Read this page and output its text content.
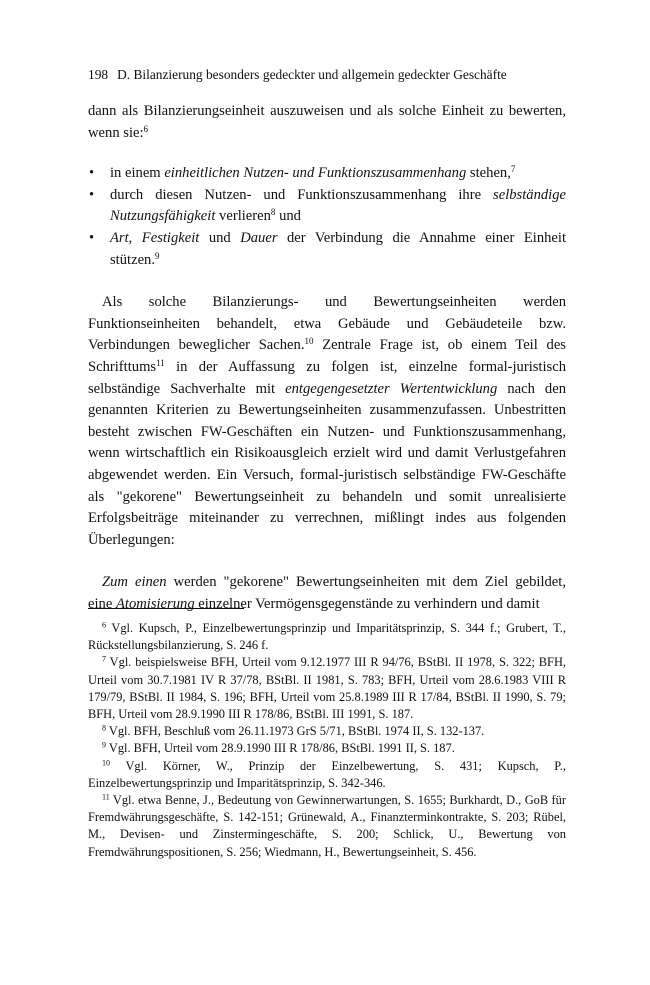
198 D. Bilanzierung besonders gedeckter und allgemein gedeckter Geschäfte

dann als Bilanzierungseinheit auszuweisen und als solche Einheit zu bewerten, wenn sie:$^6$

• in einem einheitlichen Nutzen- und Funktionszusammenhang stehen,$^7$
• durch diesen Nutzen- und Funktionszusammenhang ihre selbständige Nutzungsfähigkeit verlieren$^8$ und
• Art, Festigkeit und Dauer der Verbindung die Annahme einer Einheit stützen.$^9$

Als solche Bilanzierungs- und Bewertungseinheiten werden Funktionseinheiten behandelt, etwa Gebäude und Gebäudeteile bzw. Verbindungen beweglicher Sachen.$^{10}$ Zentrale Frage ist, ob einem Teil des Schrifttums$^{11}$ in der Auffassung zu folgen ist, einzelne formal-juristisch selbständige Sachverhalte mit entgegengesetzter Wertentwicklung nach den genannten Kriterien zu Bewertungseinheiten zusammenzufassen. Unbestritten besteht zwischen FW-Geschäften ein Nutzen- und Funktionszusammenhang, wenn wirtschaftlich ein Risikoausgleich erzielt wird und damit Verlustgefahren abgewendet werden. Ein Versuch, formal-juristisch selbständige FW-Geschäfte als "gekorene" Bewertungseinheit zu behandeln und somit unrealisierte Erfolgsbeiträge miteinander zu verrechnen, mißlingt indes aus folgenden Überlegungen:

Zum einen werden "gekorene" Bewertungseinheiten mit dem Ziel gebildet, eine Atomisierung einzelner Vermögensgegenstände zu verhindern und damit

$^6$ Vgl. Kupsch, P., Einzelbewertungsprinzip und Imparitätsprinzip, S. 344 f.; Grubert, T., Rückstellungsbilanzierung, S. 246 f.

$^7$ Vgl. beispielsweise BFH, Urteil vom 9.12.1977 III R 94/76, BStBl. II 1978, S. 322; BFH, Urteil vom 30.7.1981 IV R 37/78, BStBl. II 1981, S. 783; BFH, Urteil vom 28.6.1983 VIII R 179/79, BStBl. II 1984, S. 196; BFH, Urteil vom 25.8.1989 III R 17/84, BStBl. II 1990, S. 79; BFH, Urteil vom 28.9.1990 III R 178/86, BStBl. III 1991, S. 187.

$^8$ Vgl. BFH, Beschluß vom 26.11.1973 GrS 5/71, BStBl. 1974 II, S. 132-137.

$^9$ Vgl. BFH, Urteil vom 28.9.1990 III R 178/86, BStBl. 1991 II, S. 187.

$^{10}$ Vgl. Körner, W., Prinzip der Einzelbewertung, S. 431; Kupsch, P., Einzelbewertungsprinzip und Imparitätsprinzip, S. 342-346.

$^{11}$ Vgl. etwa Benne, J., Bedeutung von Gewinnerwartungen, S. 1655; Burkhardt, D., GoB für Fremdwährungsgeschäfte, S. 142-151; Grünewald, A., Finanzterminkontrakte, S. 203; Rübel, M., Devisen- und Zinstermingeschäfte, S. 200; Schlick, U., Bewertung von Fremdwährungspositionen, S. 256; Wiedmann, H., Bewertungseinheit, S. 456.
